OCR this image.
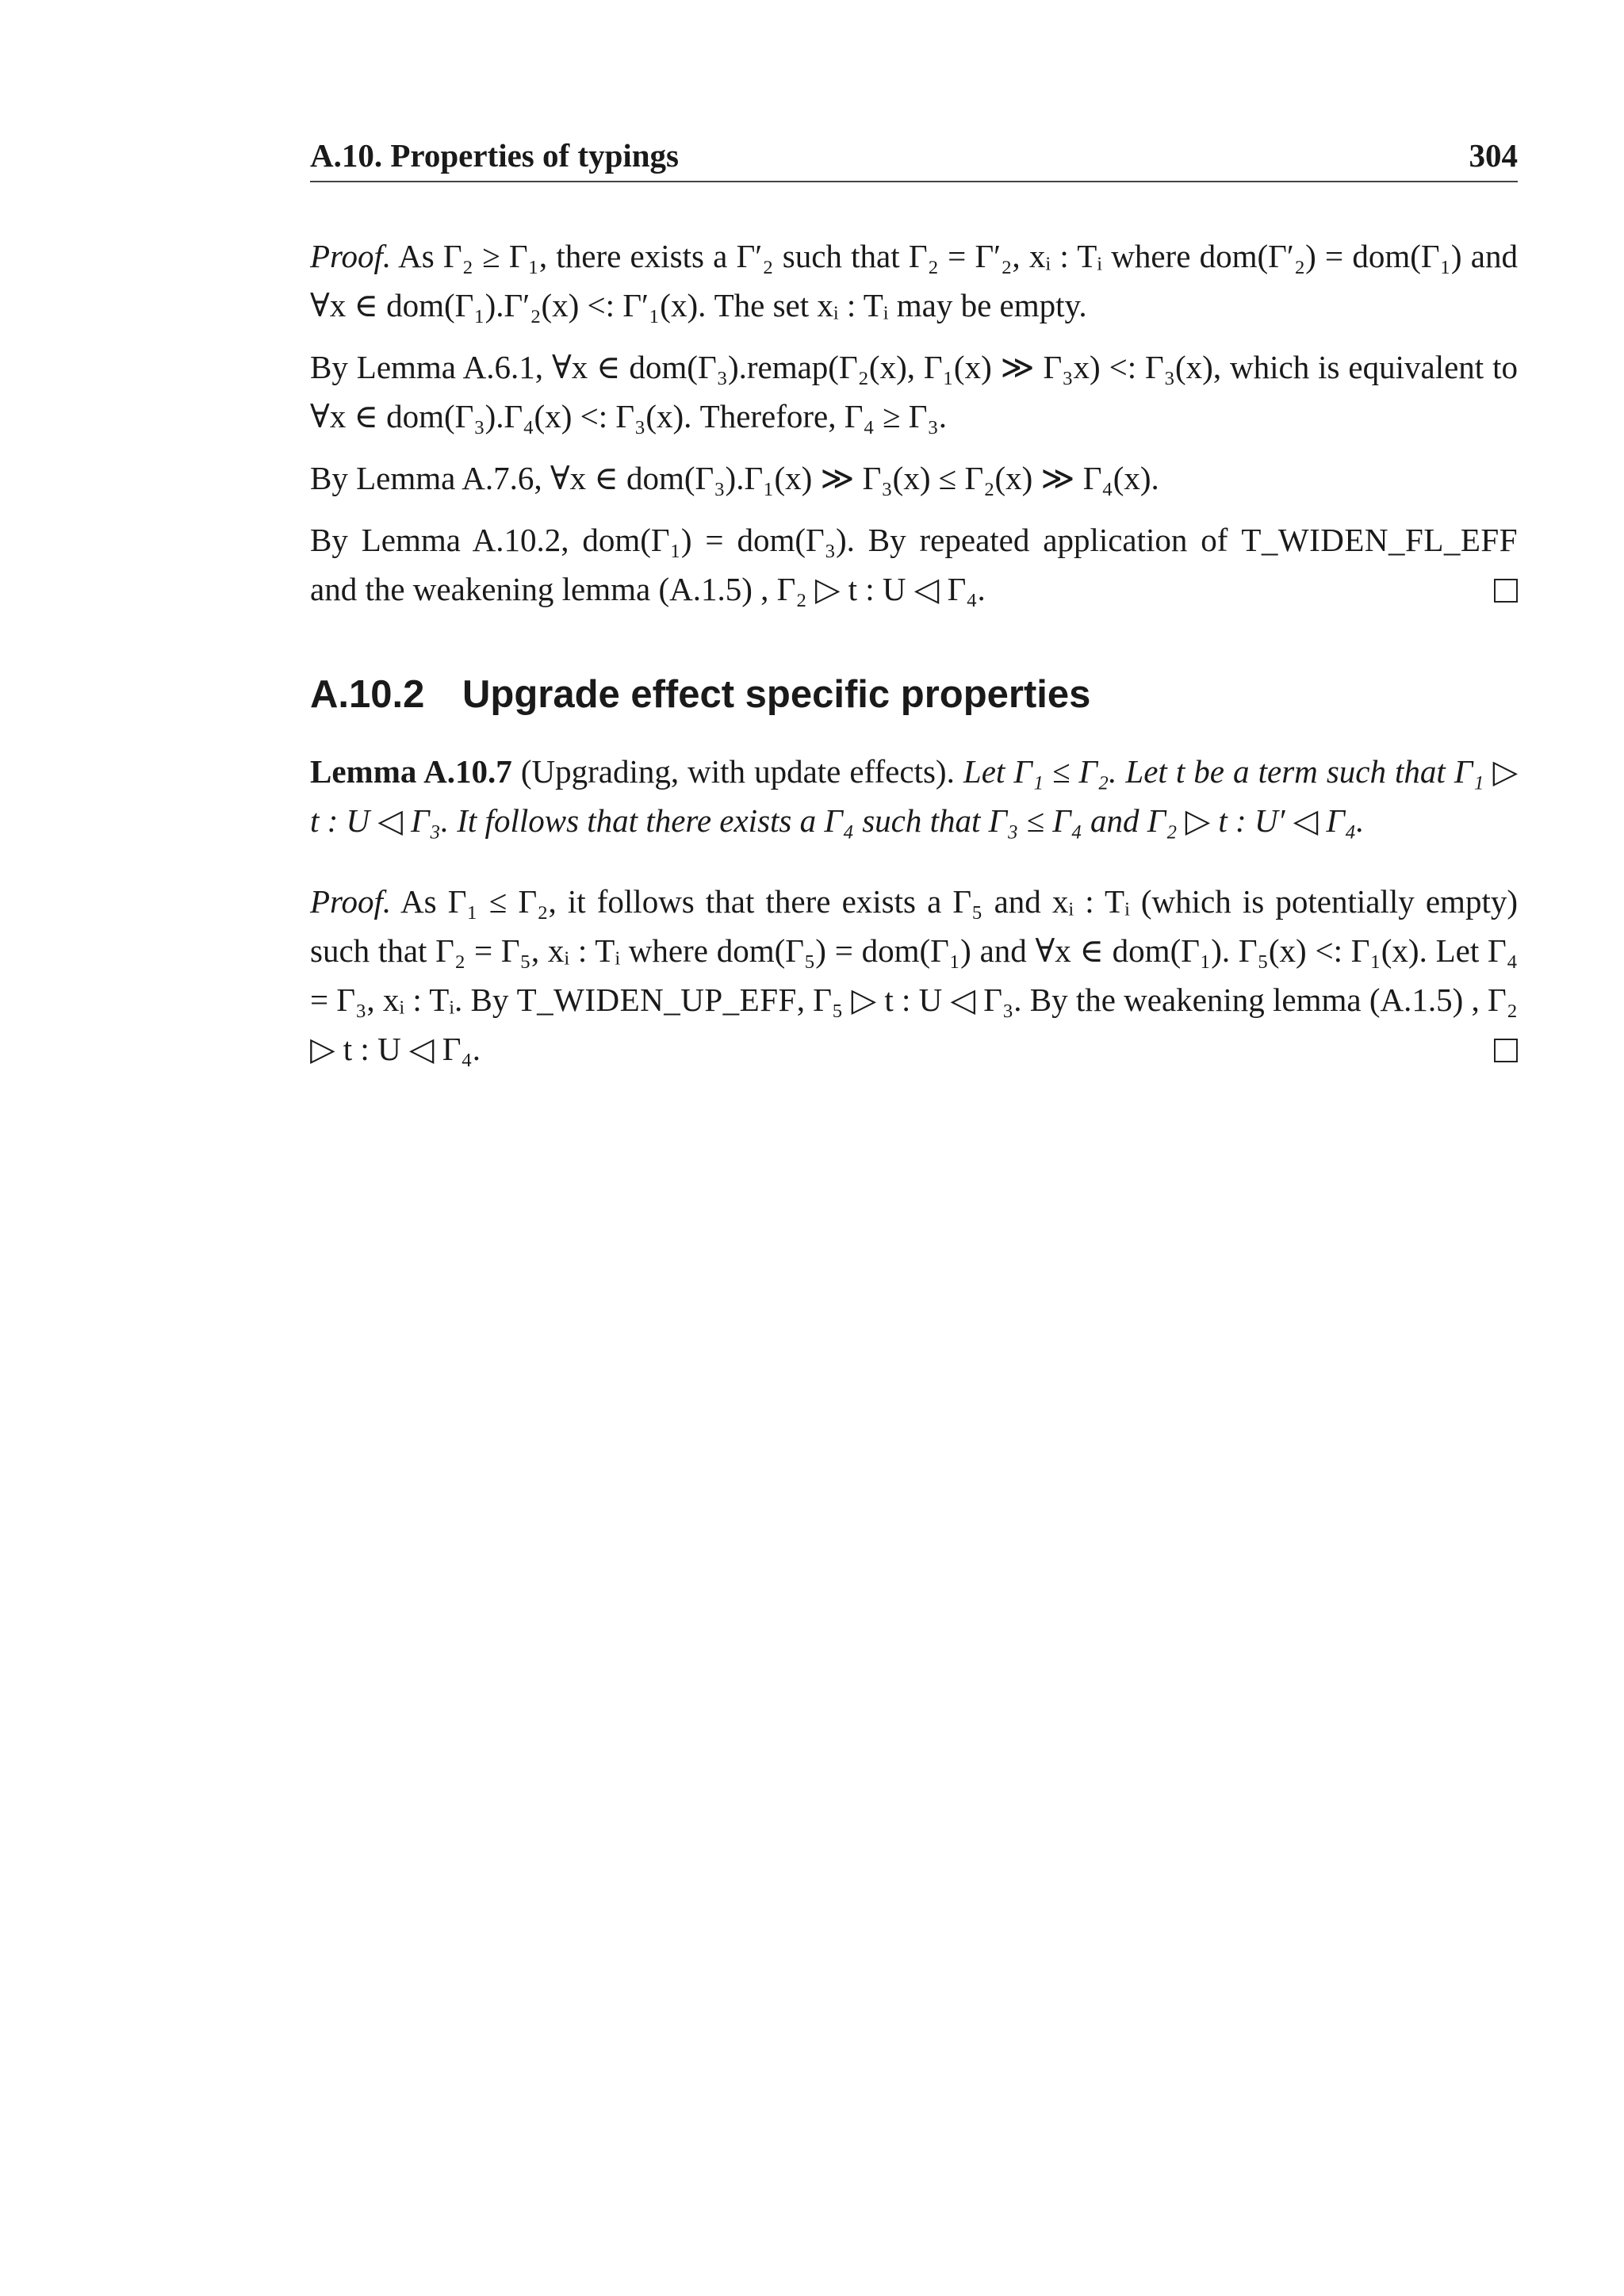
A.10. Properties of typings	304

Proof. As Γ₂ ≥ Γ₁, there exists a Γ′₂ such that Γ₂ = Γ′₂, xᵢ : Tᵢ where dom(Γ′₂) = dom(Γ₁) and ∀x ∈ dom(Γ₁).Γ′₂(x) <: Γ′₁(x). The set xᵢ : Tᵢ may be empty.

By Lemma A.6.1, ∀x ∈ dom(Γ₃).remap(Γ₂(x), Γ₁(x) ≫ Γ₃x) <: Γ₃(x), which is equivalent to ∀x ∈ dom(Γ₃).Γ₄(x) <: Γ₃(x). Therefore, Γ₄ ≥ Γ₃.

By Lemma A.7.6, ∀x ∈ dom(Γ₃).Γ₁(x) ≫ Γ₃(x) ≤ Γ₂(x) ≫ Γ₄(x).

By Lemma A.10.2, dom(Γ₁) = dom(Γ₃). By repeated application of T_WIDEN_FL_EFF and the weakening lemma (A.1.5) , Γ₂ ▷ t : U ◁ Γ₄.

A.10.2 Upgrade effect specific properties

Lemma A.10.7 (Upgrading, with update effects). Let Γ₁ ≤ Γ₂. Let t be a term such that Γ₁ ▷ t : U ◁ Γ₃. It follows that there exists a Γ₄ such that Γ₃ ≤ Γ₄ and Γ₂ ▷ t : U′ ◁ Γ₄.

Proof. As Γ₁ ≤ Γ₂, it follows that there exists a Γ₅ and xᵢ : Tᵢ (which is potentially empty) such that Γ₂ = Γ₅, xᵢ : Tᵢ where dom(Γ₅) = dom(Γ₁) and ∀x ∈ dom(Γ₁). Γ₅(x) <: Γ₁(x). Let Γ₄ = Γ₃, xᵢ : Tᵢ. By T_WIDEN_UP_EFF, Γ₅ ▷ t : U ◁ Γ₃. By the weakening lemma (A.1.5) , Γ₂ ▷ t : U ◁ Γ₄.
